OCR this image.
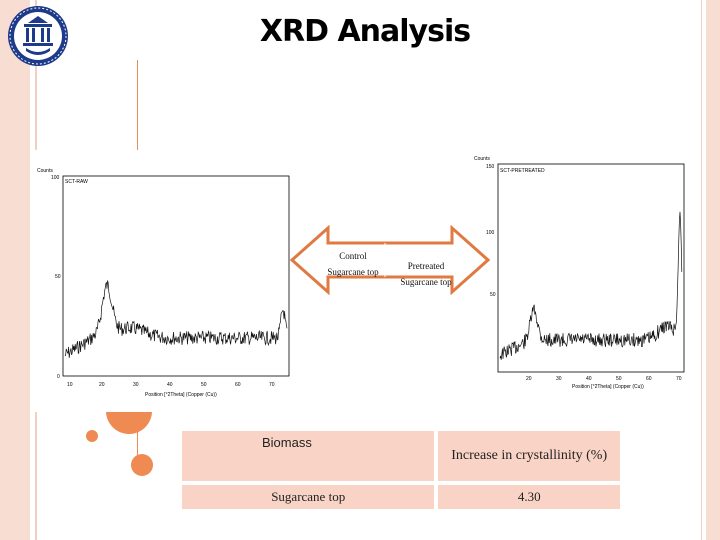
XRD Analysis
Counts
SCT-RAW
100
50
0
10	20	30	40	50	60	70
Position [°2Theta] (Copper (Cu))
Counts
SCT-PRETREATED
150
100
50
20	30	40	50	60	70
Position [°2Theta] (Copper (Cu))
Control
Sugarcane top
Pretreated
Sugarcane top
Biomass	Increase in crystallinity (%)
Sugarcane top	4.30
